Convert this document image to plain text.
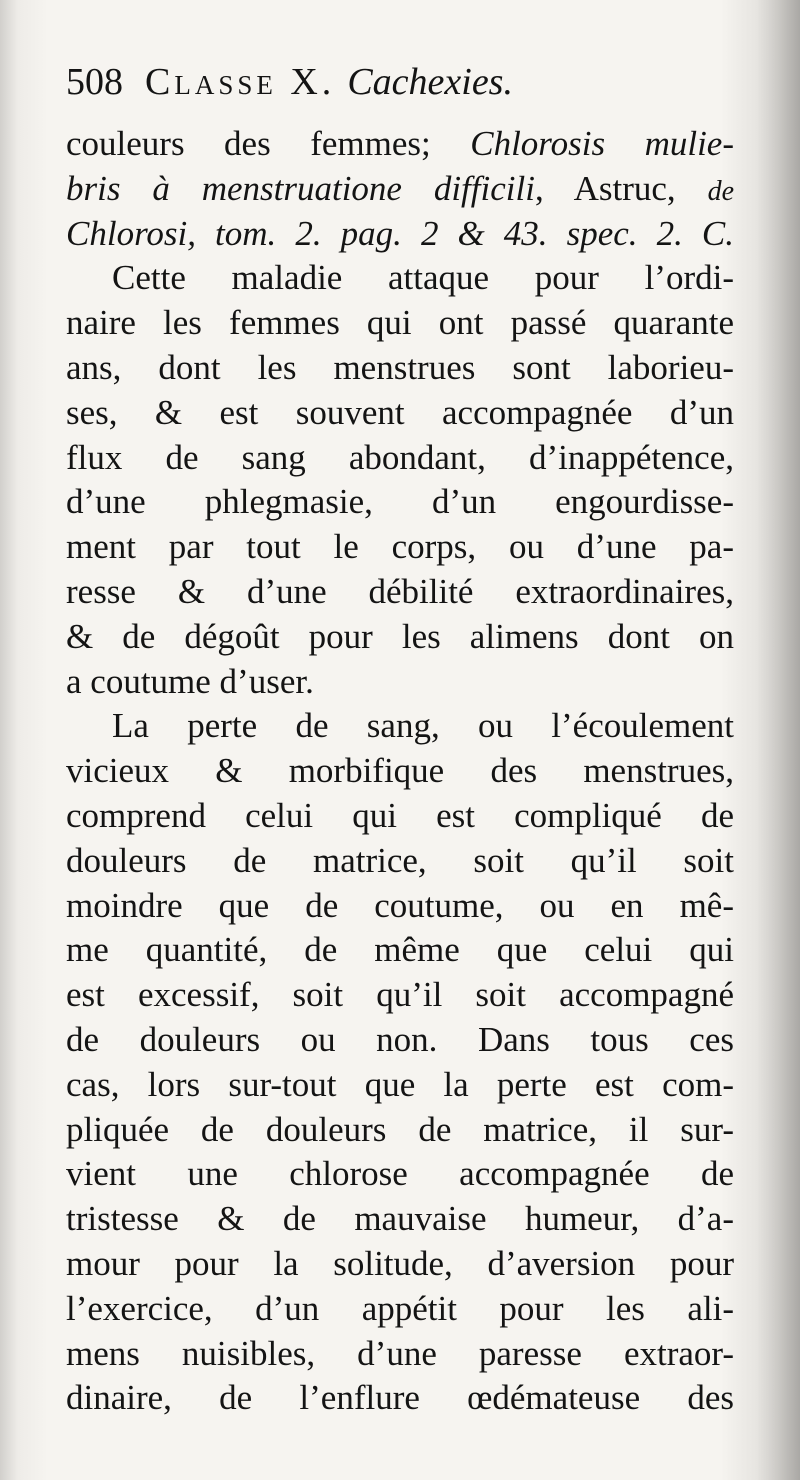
508 Classe X. Cachexies.
couleurs des femmes; Chlorosis mulie-
bris à menstruatione difficili, Astruc, de
Chlorosi, tom. 2. pag. 2 & 43. spec. 2. C.
Cette maladie attaque pour l’ordi-
naire les femmes qui ont passé quarante
ans, dont les menstrues sont laborieu-
ses, & est souvent accompagnée d’un
flux de sang abondant, d’inappétence,
d’une phlegmasie, d’un engourdisse-
ment par tout le corps, ou d’une pa-
resse & d’une débilité extraordinaires,
& de dégoût pour les alimens dont on
a coutume d’user.
La perte de sang, ou l’écoulement
vicieux & morbifique des menstrues,
comprend celui qui est compliqué de
douleurs de matrice, soit qu’il soit
moindre que de coutume, ou en mê-
me quantité, de même que celui qui
est excessif, soit qu’il soit accompagné
de douleurs ou non. Dans tous ces
cas, lors sur-tout que la perte est com-
pliquée de douleurs de matrice, il sur-
vient une chlorose accompagnée de
tristesse & de mauvaise humeur, d’a-
mour pour la solitude, d’aversion pour
l’exercice, d’un appétit pour les ali-
mens nuisibles, d’une paresse extraor-
dinaire, de l’enflure œdémateuse des
